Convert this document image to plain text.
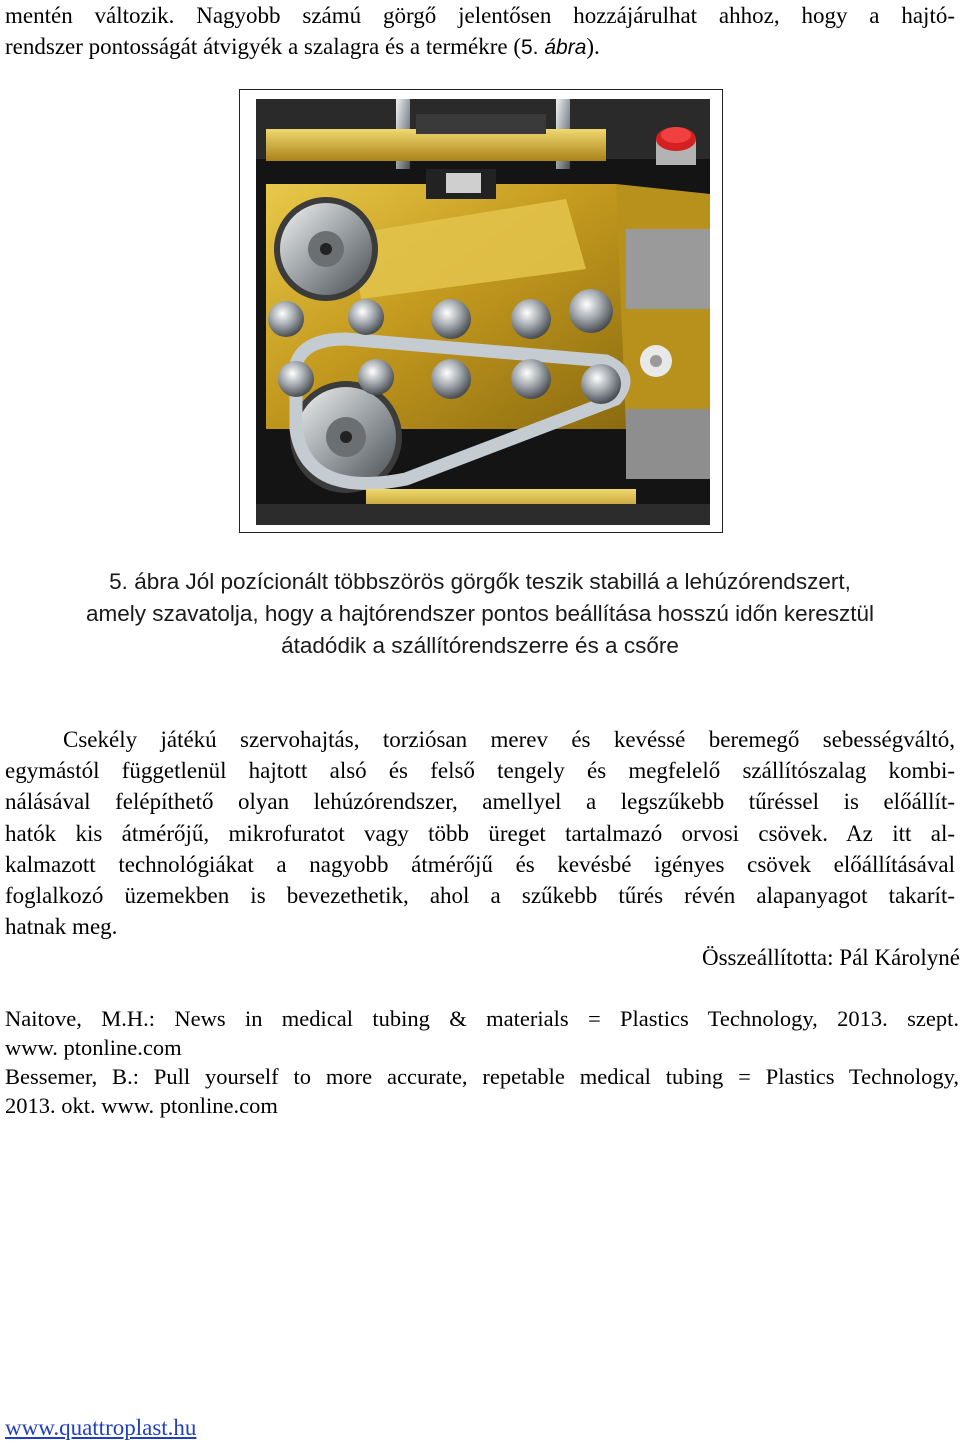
mentén változik. Nagyobb számú görgő jelentősen hozzájárulhat ahhoz, hogy a hajtó-
rendszer pontosságát átvigyék a szalagra és a termékre (5. ábra).

5. ábra Jól pozícionált többszörös görgők teszik stabillá a lehúzórendszert,
amely szavatolja, hogy a hajtórendszer pontos beállítása hosszú időn keresztül
átadódik a szállítórendszerre és a csőre

Csekély játékú szervohajtás, torziósan merev és kevéssé beremegő sebességváltó,
egymástól függetlenül hajtott alsó és felső tengely és megfelelő szállítószalag kombi-
nálásával felépíthető olyan lehúzórendszer, amellyel a legszűkebb tűréssel is előállít-
hatók kis átmérőjű, mikrofuratot vagy több üreget tartalmazó orvosi csövek. Az itt al-
kalmazott technológiákat a nagyobb átmérőjű és kevésbé igényes csövek előállításával
foglalkozó üzemekben is bevezethetik, ahol a szűkebb tűrés révén alapanyagot takarít-
hatnak meg.

Összeállította: Pál Károlyné
Naitove, M.H.: News in medical tubing & materials = Plastics Technology, 2013. szept.
www. ptonline.com
Bessemer, B.: Pull yourself to more accurate, repetable medical tubing = Plastics Technology,
2013. okt. www. ptonline.com
www.quattroplast.hu
